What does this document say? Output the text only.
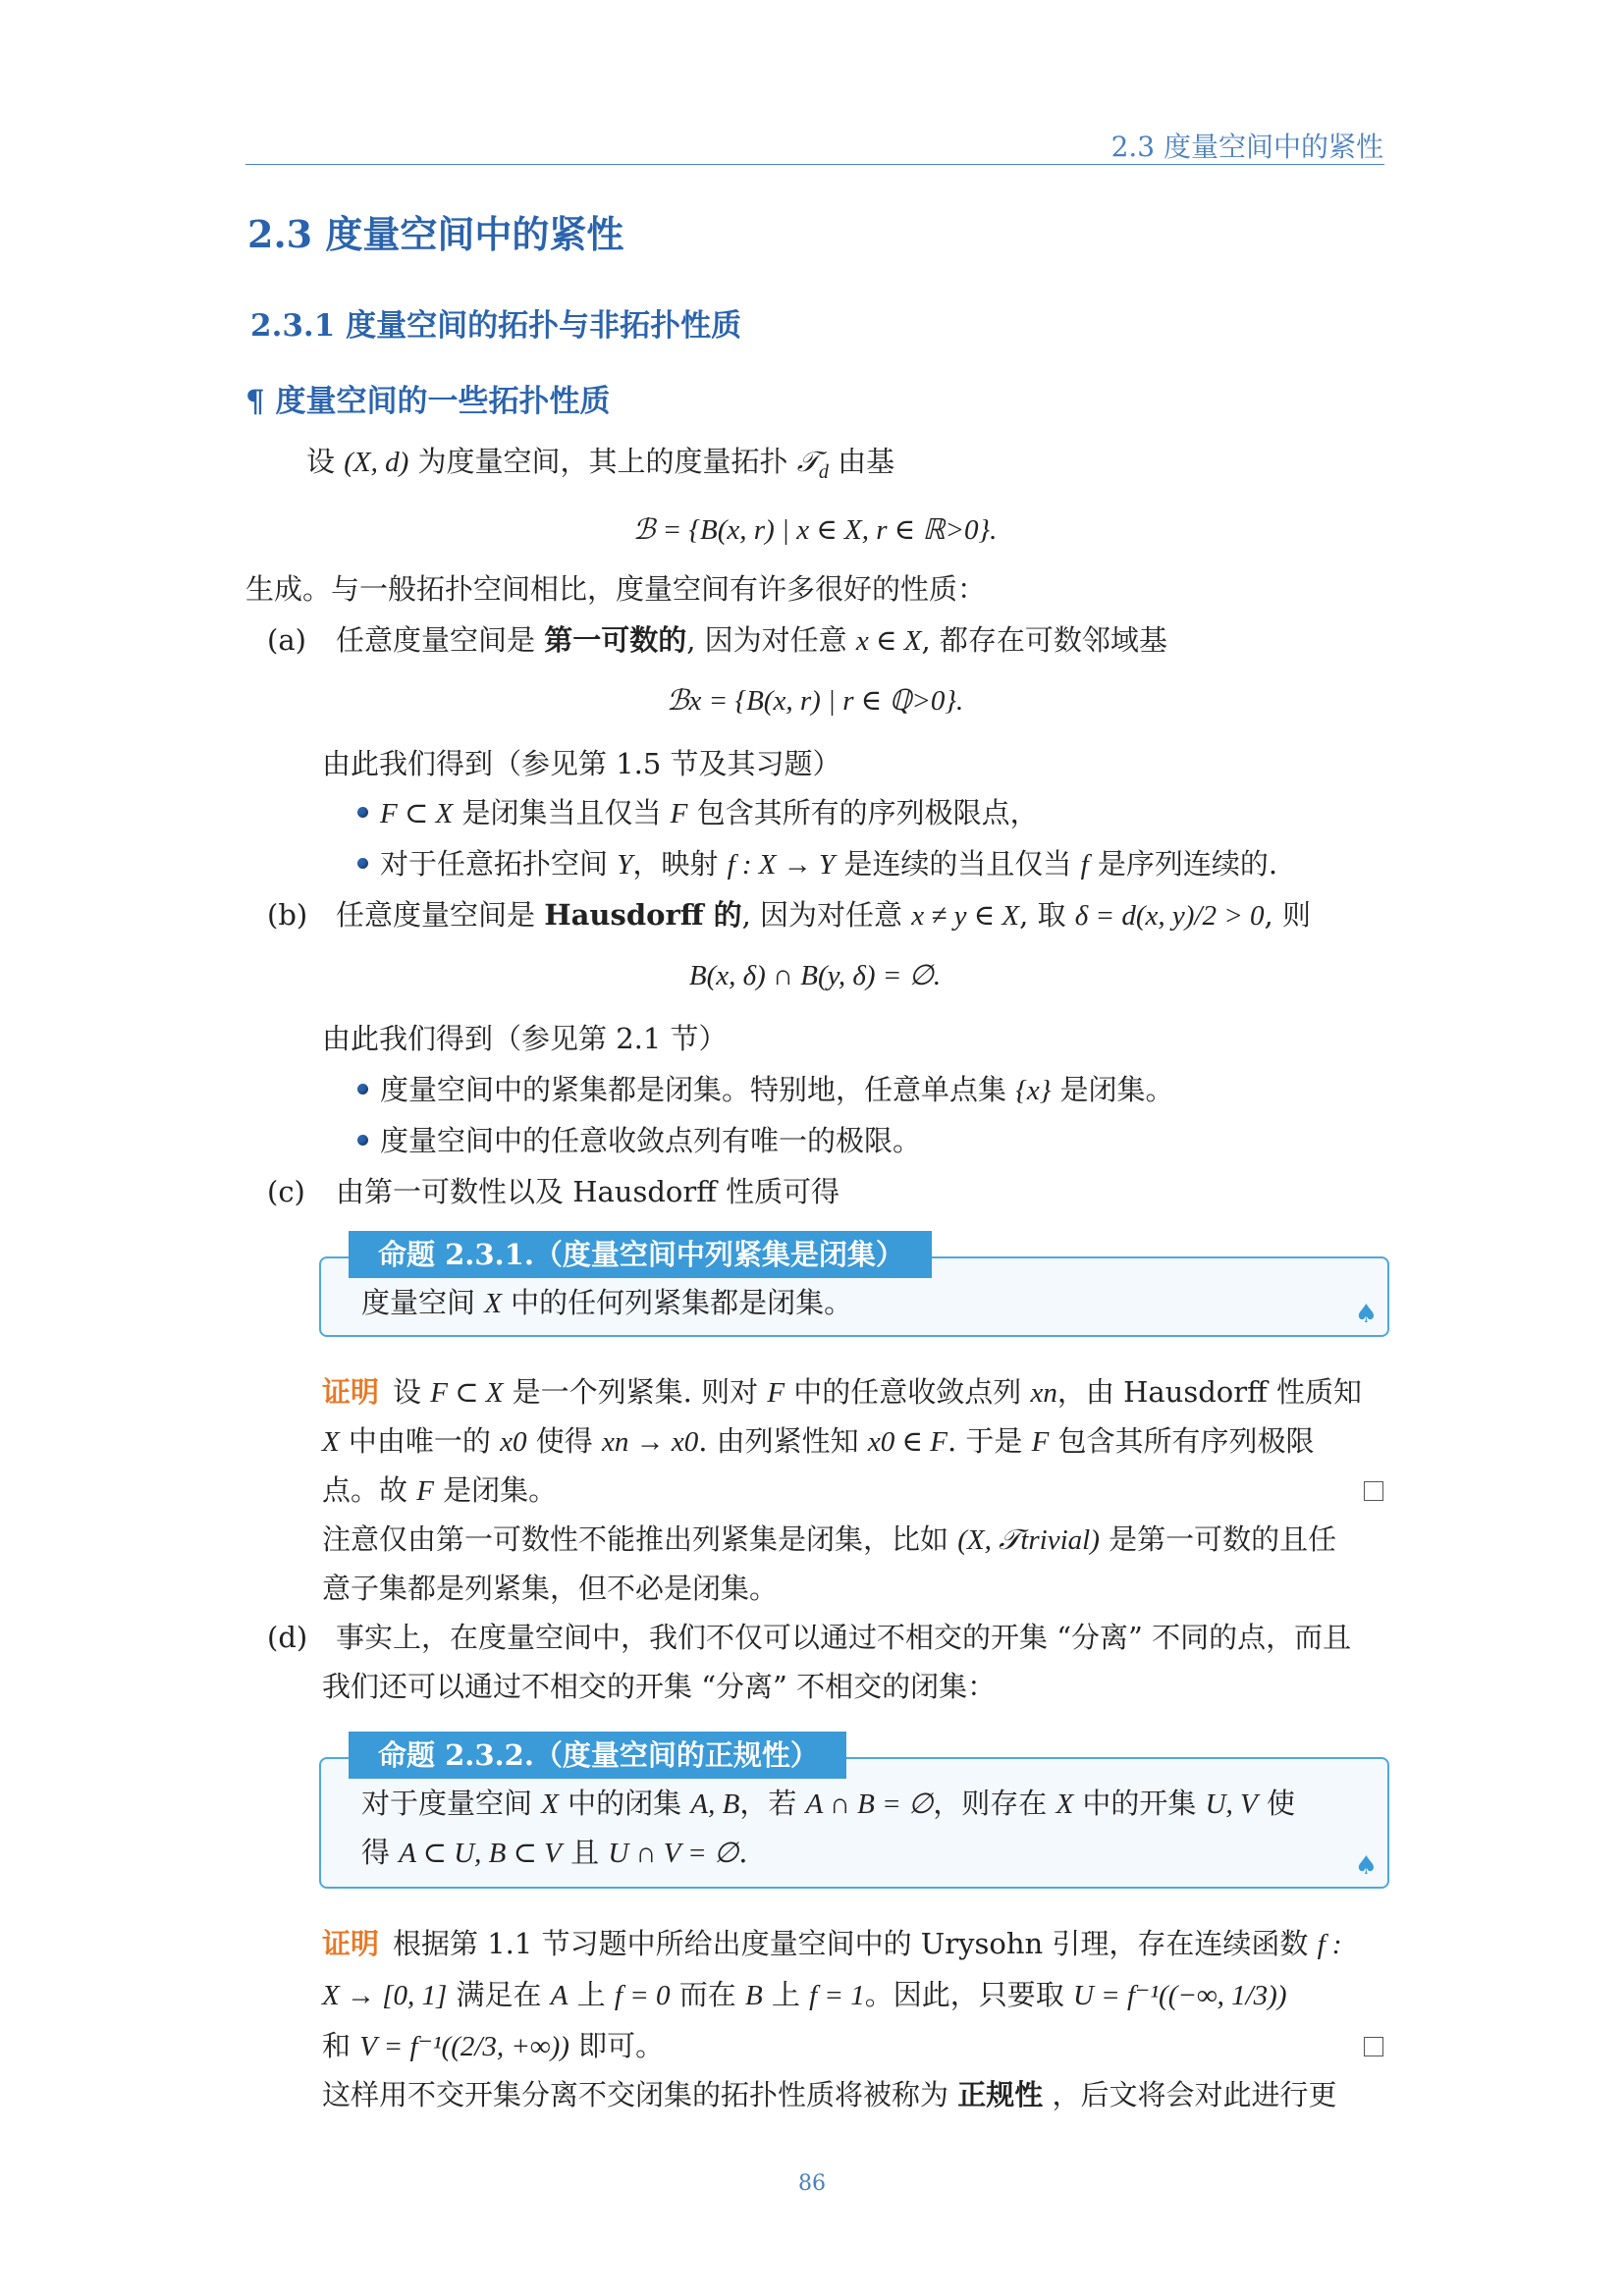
2.3 度量空间中的紧性
2.3 度量空间中的紧性
2.3.1 度量空间的拓扑与非拓扑性质
¶ 度量空间的一些拓扑性质
设 (X, d) 为度量空间，其上的度量拓扑 𝒯$_d$ 由基
ℬ = {B(x, r) | x ∈ X, r ∈ ℝ>0}.
生成。与一般拓扑空间相比，度量空间有许多很好的性质：
(a) 任意度量空间是 第一可数的, 因为对任意 x ∈ X, 都存在可数邻域基
ℬx = {B(x, r) | r ∈ ℚ>0}.
由此我们得到（参见第 1.5 节及其习题）
F ⊂ X 是闭集当且仅当 F 包含其所有的序列极限点，
对于任意拓扑空间 Y，映射 f : X → Y 是连续的当且仅当 f 是序列连续的.
(b) 任意度量空间是 Hausdorff 的, 因为对任意 x ≠ y ∈ X, 取 δ = d(x, y)/2 > 0, 则
B(x, δ) ∩ B(y, δ) = ∅.
由此我们得到（参见第 2.1 节）
度量空间中的紧集都是闭集。特别地，任意单点集 {x} 是闭集。
度量空间中的任意收敛点列有唯一的极限。
(c) 由第一可数性以及 Hausdorff 性质可得
♠
命题 2.3.1.（度量空间中列紧集是闭集）
度量空间 X 中的任何列紧集都是闭集。
证明 设 F ⊂ X 是一个列紧集. 则对 F 中的任意收敛点列 xn，由 Hausdorff 性质知
X 中由唯一的 x0 使得 xn → x0. 由列紧性知 x0 ∈ F. 于是 F 包含其所有序列极限
点。故 F 是闭集。
注意仅由第一可数性不能推出列紧集是闭集，比如 (X, 𝒯trivial) 是第一可数的且任
意子集都是列紧集，但不必是闭集。
(d) 事实上，在度量空间中，我们不仅可以通过不相交的开集 “分离” 不同的点，而且
我们还可以通过不相交的开集 “分离” 不相交的闭集：
♠
命题 2.3.2.（度量空间的正规性）
对于度量空间 X 中的闭集 A, B，若 A ∩ B = ∅，则存在 X 中的开集 U, V 使
得 A ⊂ U, B ⊂ V 且 U ∩ V = ∅.
证明 根据第 1.1 节习题中所给出度量空间中的 Urysohn 引理，存在连续函数 f :
X → [0, 1] 满足在 A 上 f = 0 而在 B 上 f = 1。因此，只要取 U = f⁻¹((−∞, 1/3))
和 V = f⁻¹((2/3, +∞)) 即可。
这样用不交开集分离不交闭集的拓扑性质将被称为 正规性 ，后文将会对此进行更
86
